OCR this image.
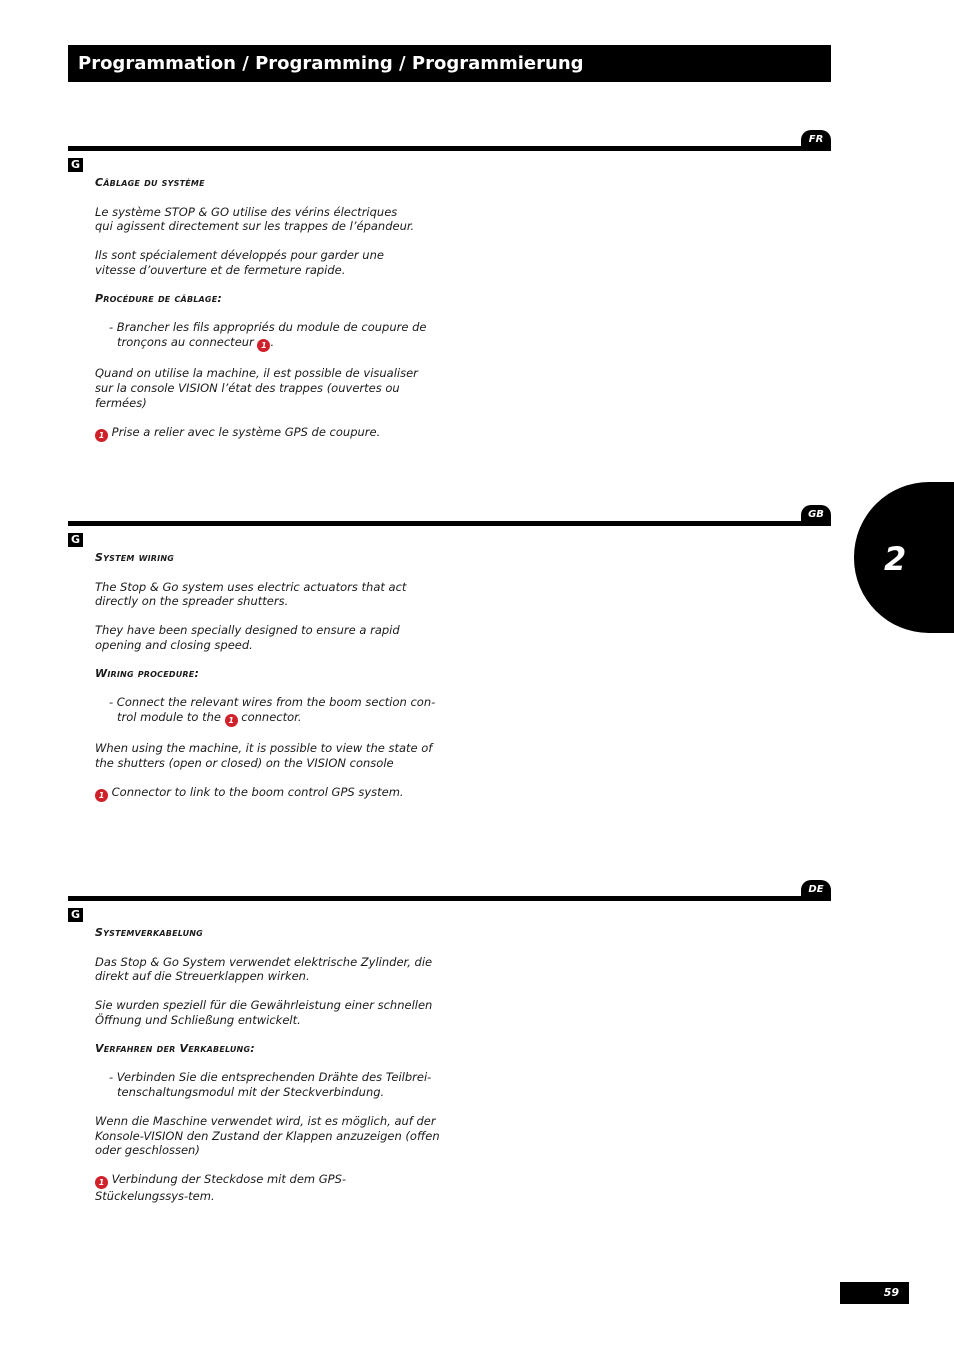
Programmation / Programming / Programmierung
FR
G

Câblage du système

Le système STOP & GO utilise des vérins électriques qui agissent directement sur les trappes de l’épandeur.

Ils sont spécialement développés pour garder une vitesse d’ouverture et de fermeture rapide.

Procédure de câblage:

- Brancher les fils appropriés du module de coupure de tronçons au connecteur 1 .

Quand on utilise la machine, il est possible de visualiser sur la console VISION l’état des trappes (ouvertes ou fermées)

1 Prise a relier avec le système GPS de coupure.

GB
G

System wiring

The Stop & Go system uses electric actuators that act directly on the spreader shutters.

They have been specially designed to ensure a rapid opening and closing speed.

Wiring procedure:

- Connect the relevant wires from the boom section con-trol module to the 1 connector.

When using the machine, it is possible to view the state of the shutters (open or closed) on the VISION console

1 Connector to link to the boom control GPS system.

2
DE
G

Systemverkabelung

Das Stop & Go System verwendet elektrische Zylinder, die direkt auf die Streuerklappen wirken.

Sie wurden speziell für die Gewährleistung einer schnellen Öffnung und Schließung entwickelt.

Verfahren der Verkabelung:

- Verbinden Sie die entsprechenden Drähte des Teilbrei-tenschaltungsmodul mit der Steckverbindung.

Wenn die Maschine verwendet wird, ist es möglich, auf der Konsole-VISION den Zustand der Klappen anzuzeigen (offen oder geschlossen)

1 Verbindung der Steckdose mit dem GPS-Stückelungssys-tem.

59
